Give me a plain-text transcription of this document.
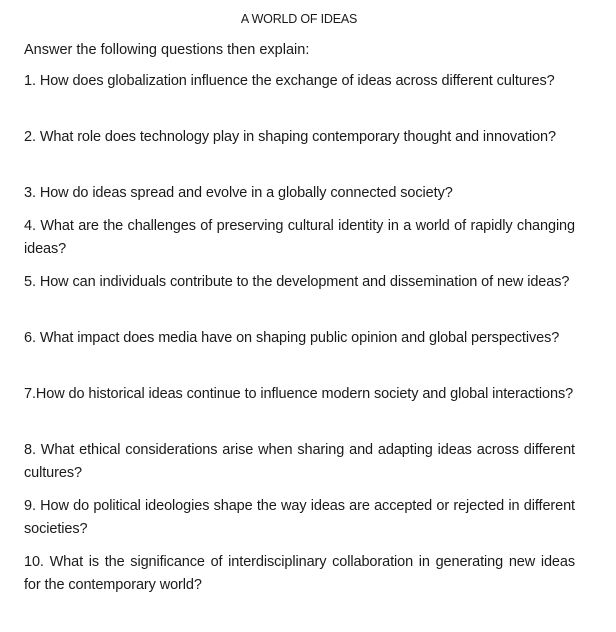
A WORLD OF IDEAS
Answer the following questions then explain:

1. How does globalization influence the exchange of ideas across different cultures?

2. What role does technology play in shaping contemporary thought and innovation?

3. How do ideas spread and evolve in a globally connected society?

4. What are the challenges of preserving cultural identity in a world of rapidly changing ideas?

5. How can individuals contribute to the development and dissemination of new ideas?

6. What impact does media have on shaping public opinion and global perspectives?

7.How do historical ideas continue to influence modern society and global interactions?

8. What ethical considerations arise when sharing and adapting ideas across different cultures?

9. How do political ideologies shape the way ideas are accepted or rejected in different societies?

10. What is the significance of interdisciplinary collaboration in generating new ideas for the contemporary world?
